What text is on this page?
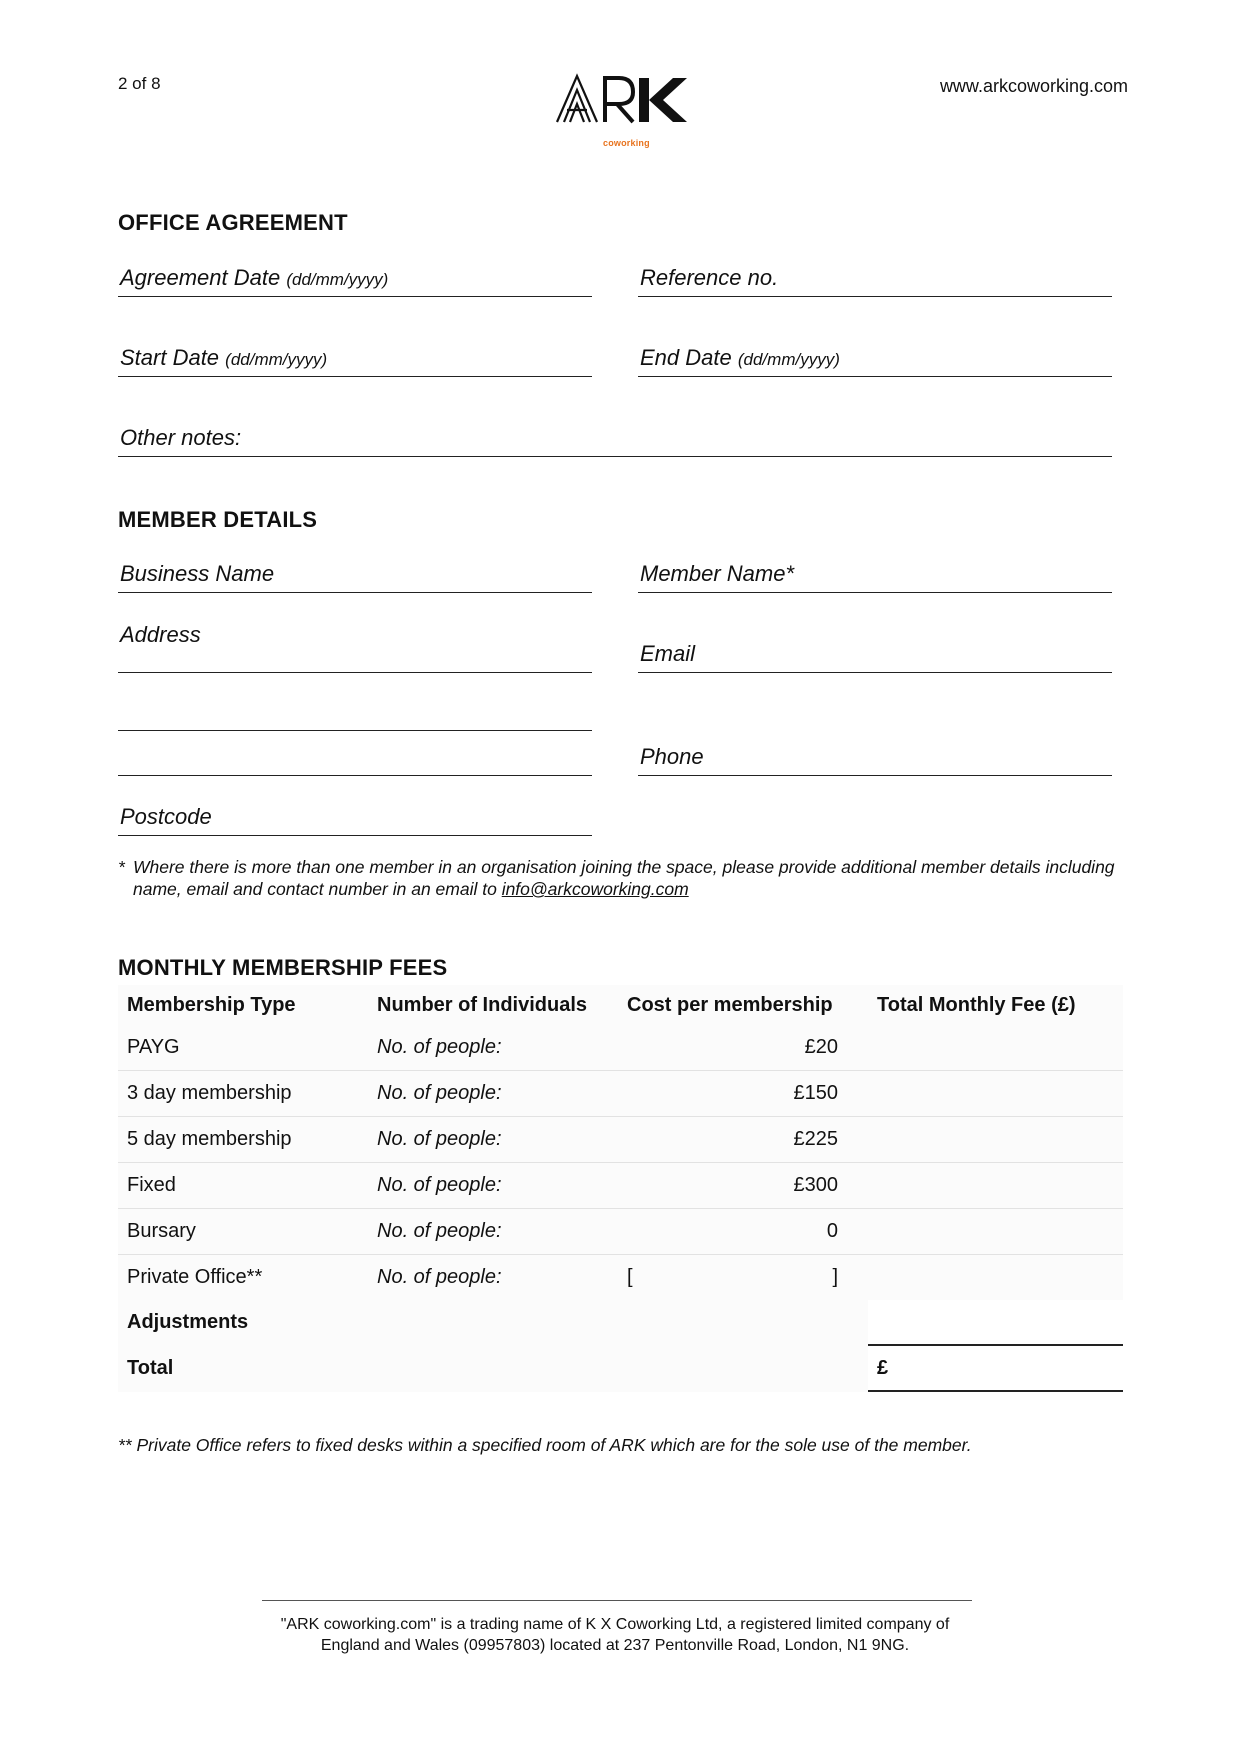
2 of 8
coworking
www.arkcoworking.com
OFFICE AGREEMENT
Agreement Date (dd/mm/yyyy)	Reference no.
Start Date (dd/mm/yyyy)	End Date (dd/mm/yyyy)
Other notes:
MEMBER DETAILS
Business Name	Member Name*
Address
Email
Phone
Postcode
* Where there is more than one member in an organisation joining the space, please provide additional member details including name, email and contact number in an email to info@arkcoworking.com
MONTHLY MEMBERSHIP FEES
Membership Type	Number of Individuals	Cost per membership	Total Monthly Fee (£)
PAYG	No. of people:	£20	
3 day membership	No. of people:	£150	
5 day membership	No. of people:	£225	
Fixed	No. of people:	£300	
Bursary	No. of people:	0	
Private Office**	No. of people:	[ ]	

Adjustments			
Total			£
** Private Office refers to fixed desks within a specified room of ARK which are for the sole use of the member.
"ARK coworking.com" is a trading name of K X Coworking Ltd, a registered limited company of
England and Wales (09957803) located at 237 Pentonville Road, London, N1 9NG.
